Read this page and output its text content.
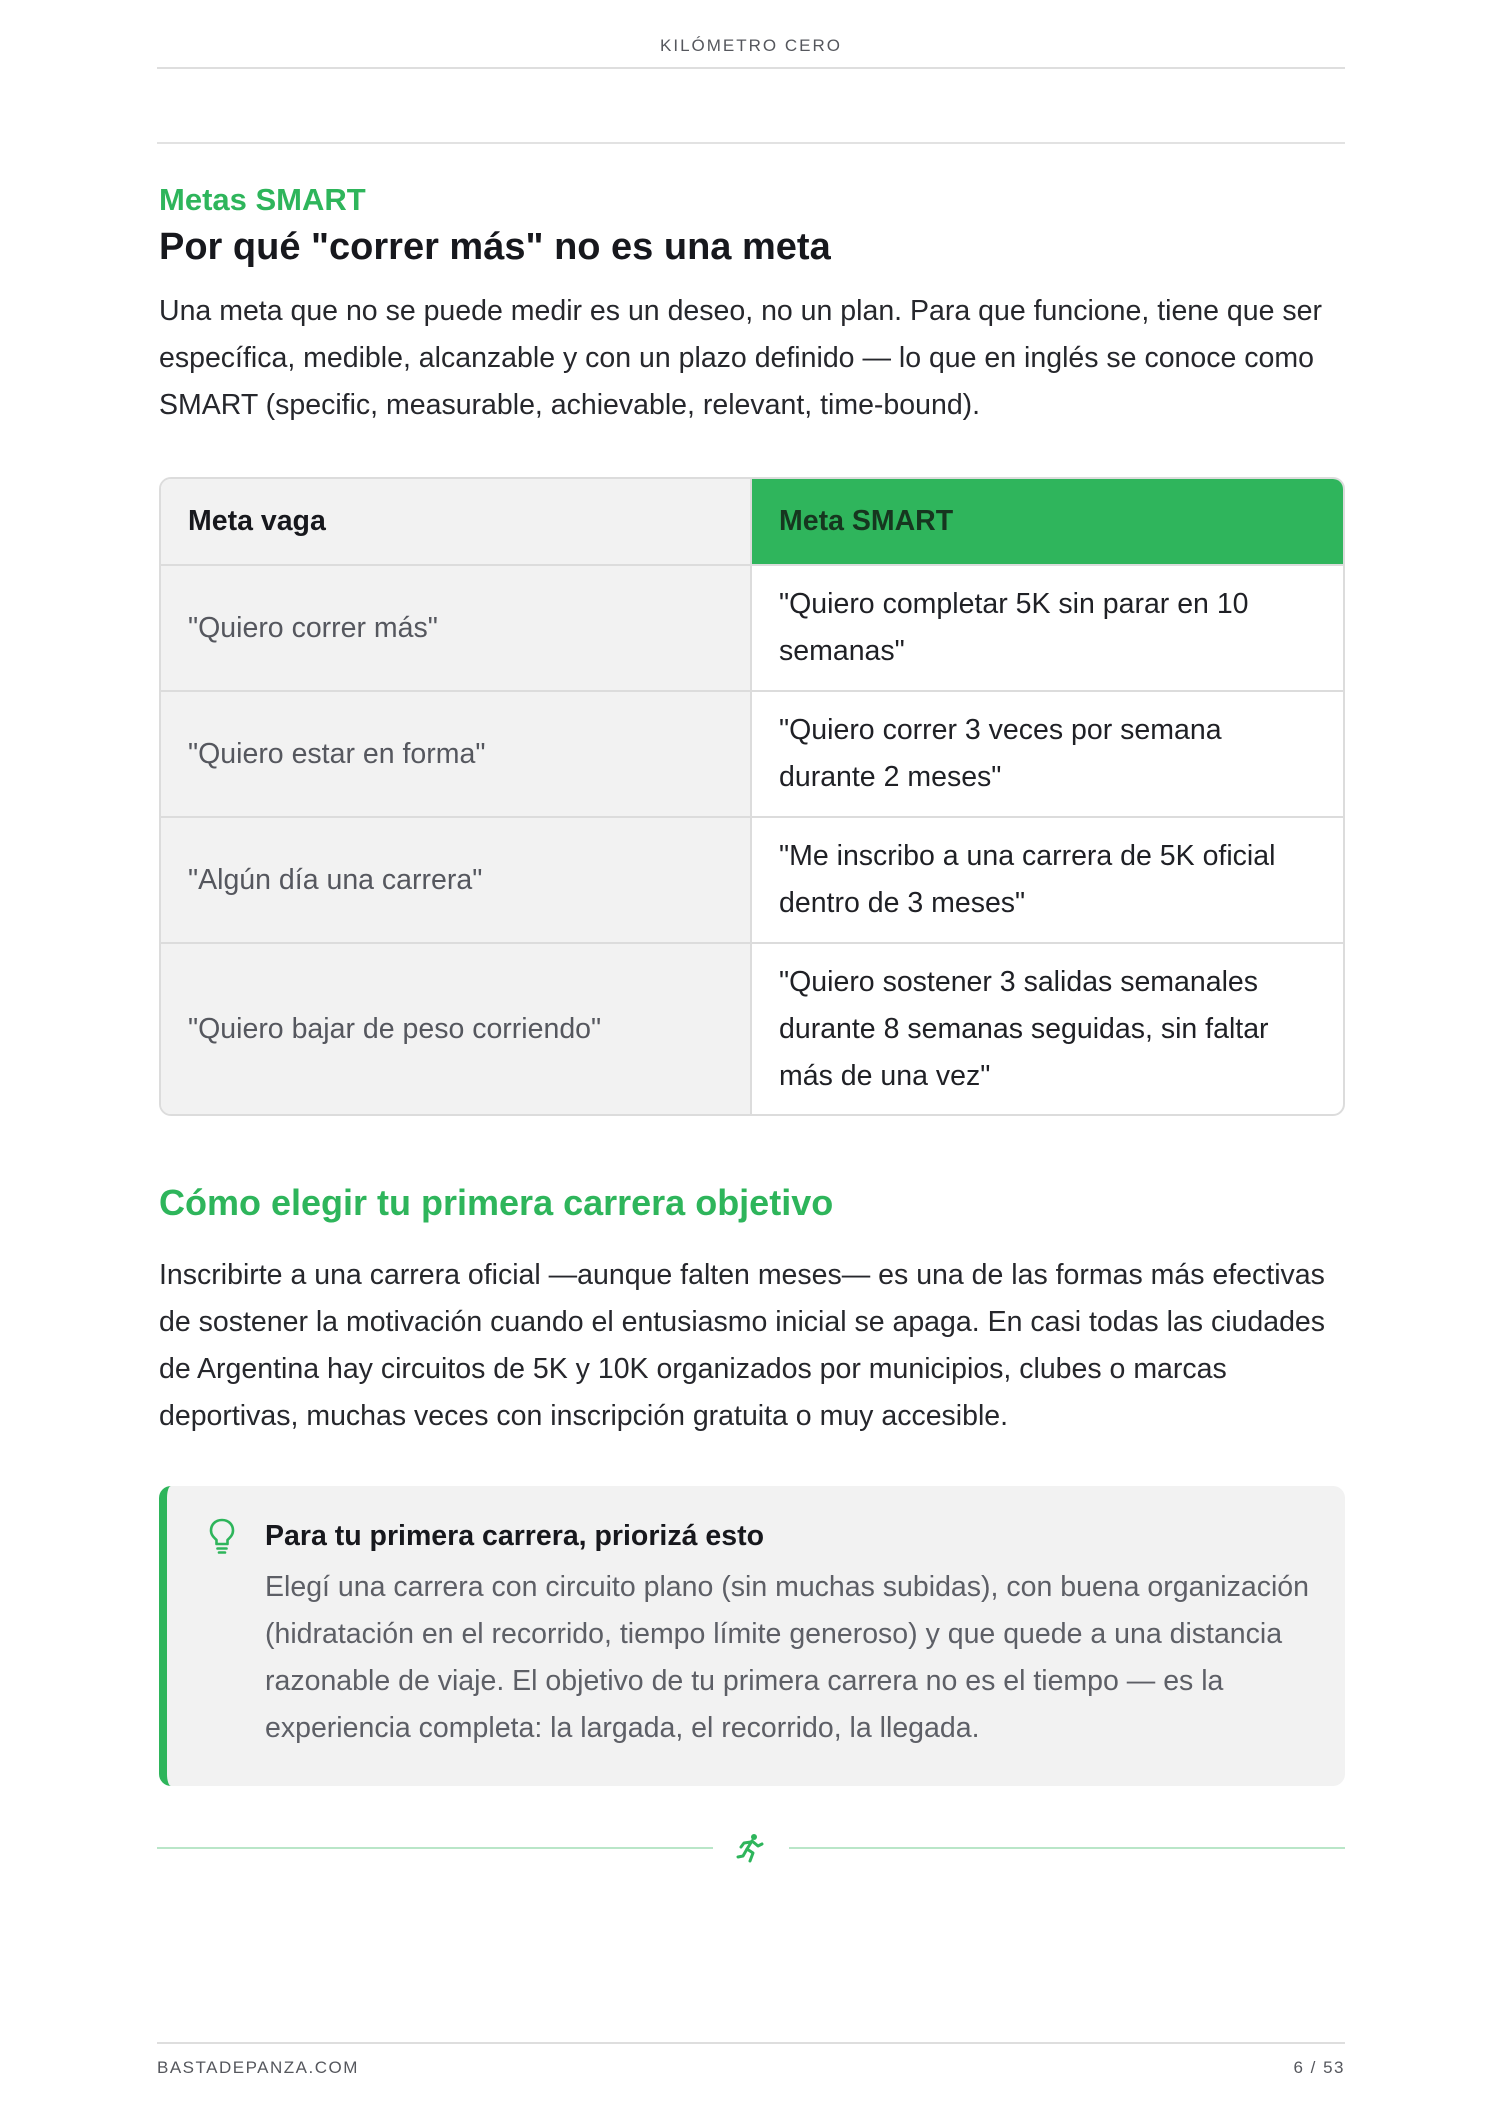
KILÓMETRO CERO
Metas SMART
Por qué "correr más" no es una meta

Una meta que no se puede medir es un deseo, no un plan. Para que funcione, tiene que ser específica, medible, alcanzable y con un plazo definido — lo que en inglés se conoce como SMART (specific, measurable, achievable, relevant, time-bound).

Meta vaga	Meta SMART
"Quiero correr más"
"Quiero completar 5K sin parar en 10 semanas"
"Quiero estar en forma"
"Quiero correr 3 veces por semana durante 2 meses"
"Algún día una carrera"
"Me inscribo a una carrera de 5K oficial dentro de 3 meses"
"Quiero bajar de peso corriendo"
"Quiero sostener 3 salidas semanales durante 8 semanas seguidas, sin faltar más de una vez"
Cómo elegir tu primera carrera objetivo

Inscribirte a una carrera oficial —aunque falten meses— es una de las formas más efectivas de sostener la motivación cuando el entusiasmo inicial se apaga. En casi todas las ciudades de Argentina hay circuitos de 5K y 10K organizados por municipios, clubes o marcas deportivas, muchas veces con inscripción gratuita o muy accesible.

Para tu primera carrera, priorizá esto
Elegí una carrera con circuito plano (sin muchas subidas), con buena organización (hidratación en el recorrido, tiempo límite generoso) y que quede a una distancia razonable de viaje. El objetivo de tu primera carrera no es el tiempo — es la experiencia completa: la largada, el recorrido, la llegada.
BASTADEPANZA.COM	6 / 53
